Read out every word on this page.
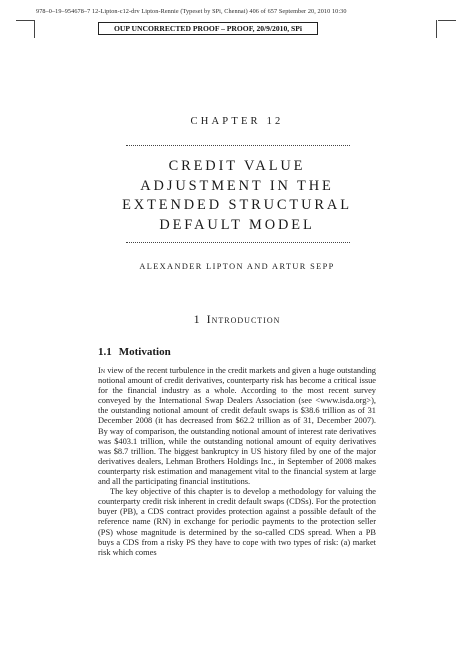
978–0–19–954678–7 12-Lipton-c12-drv Lipton-Rennie (Typeset by SPi, Chennai) 406 of 657 September 20, 2010 10:30
OUP UNCORRECTED PROOF – PROOF, 20/9/2010, SPi
CHAPTER 12
CREDIT VALUE
ADJUSTMENT IN THE
EXTENDED STRUCTURAL
DEFAULT MODEL
ALEXANDER LIPTON AND ARTUR SEPP
1 Introduction
1.1 Motivation

In view of the recent turbulence in the credit markets and given a huge outstanding notional amount of credit derivatives, counterparty risk has become a critical issue for the financial industry as a whole. According to the most recent survey conveyed by the International Swap Dealers Association (see <www.isda.org>), the outstanding notional amount of credit default swaps is $38.6 trillion as of 31 December 2008 (it has decreased from $62.2 trillion as of 31, December 2007). By way of comparison, the outstanding notional amount of interest rate derivatives was $403.1 trillion, while the outstanding notional amount of equity derivatives was $8.7 trillion. The biggest bankruptcy in US history filed by one of the major derivatives dealers, Lehman Brothers Holdings Inc., in September of 2008 makes counterparty risk estimation and management vital to the financial system at large and all the participating financial institutions.

The key objective of this chapter is to develop a methodology for valuing the counterparty credit risk inherent in credit default swaps (CDSs). For the protection buyer (PB), a CDS contract provides protection against a possible default of the reference name (RN) in exchange for periodic payments to the protection seller (PS) whose magnitude is determined by the so-called CDS spread. When a PB buys a CDS from a risky PS they have to cope with two types of risk: (a) market risk which comes
